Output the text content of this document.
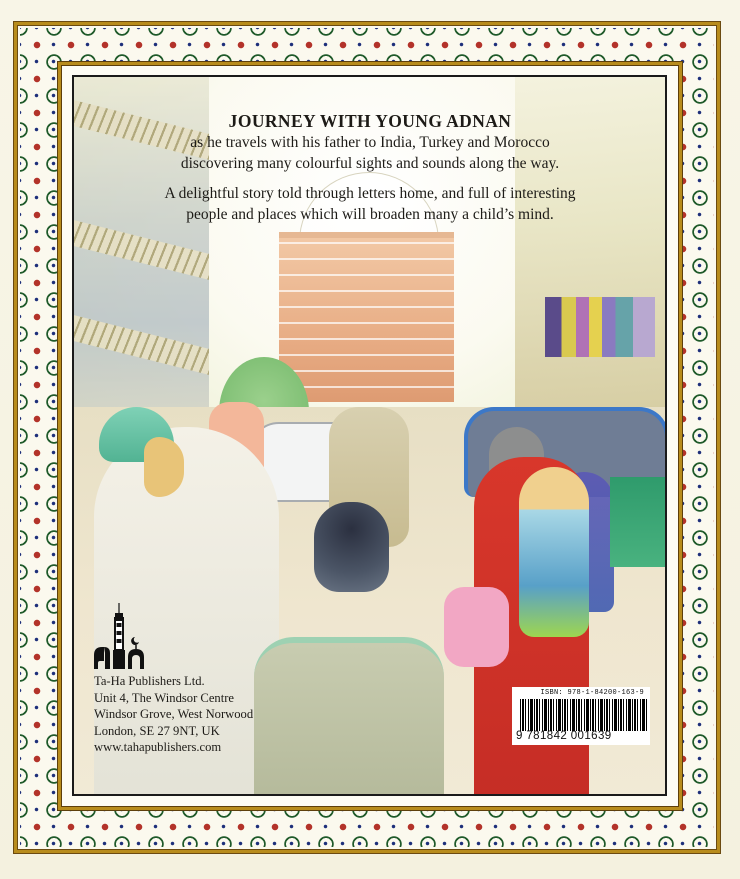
JOURNEY WITH YOUNG ADNAN
as he travels with his father to India, Turkey and Morocco
discovering many colourful sights and sounds along the way.
A delightful story told through letters home, and full of interesting
people and places which will broaden many a child’s mind.
Ta-Ha Publishers Ltd.
Unit 4, The Windsor Centre
Windsor Grove, West Norwood
London, SE 27 9NT, UK
www.tahapublishers.com
ISBN: 978-1-84200-163-9
9 781842 001639
